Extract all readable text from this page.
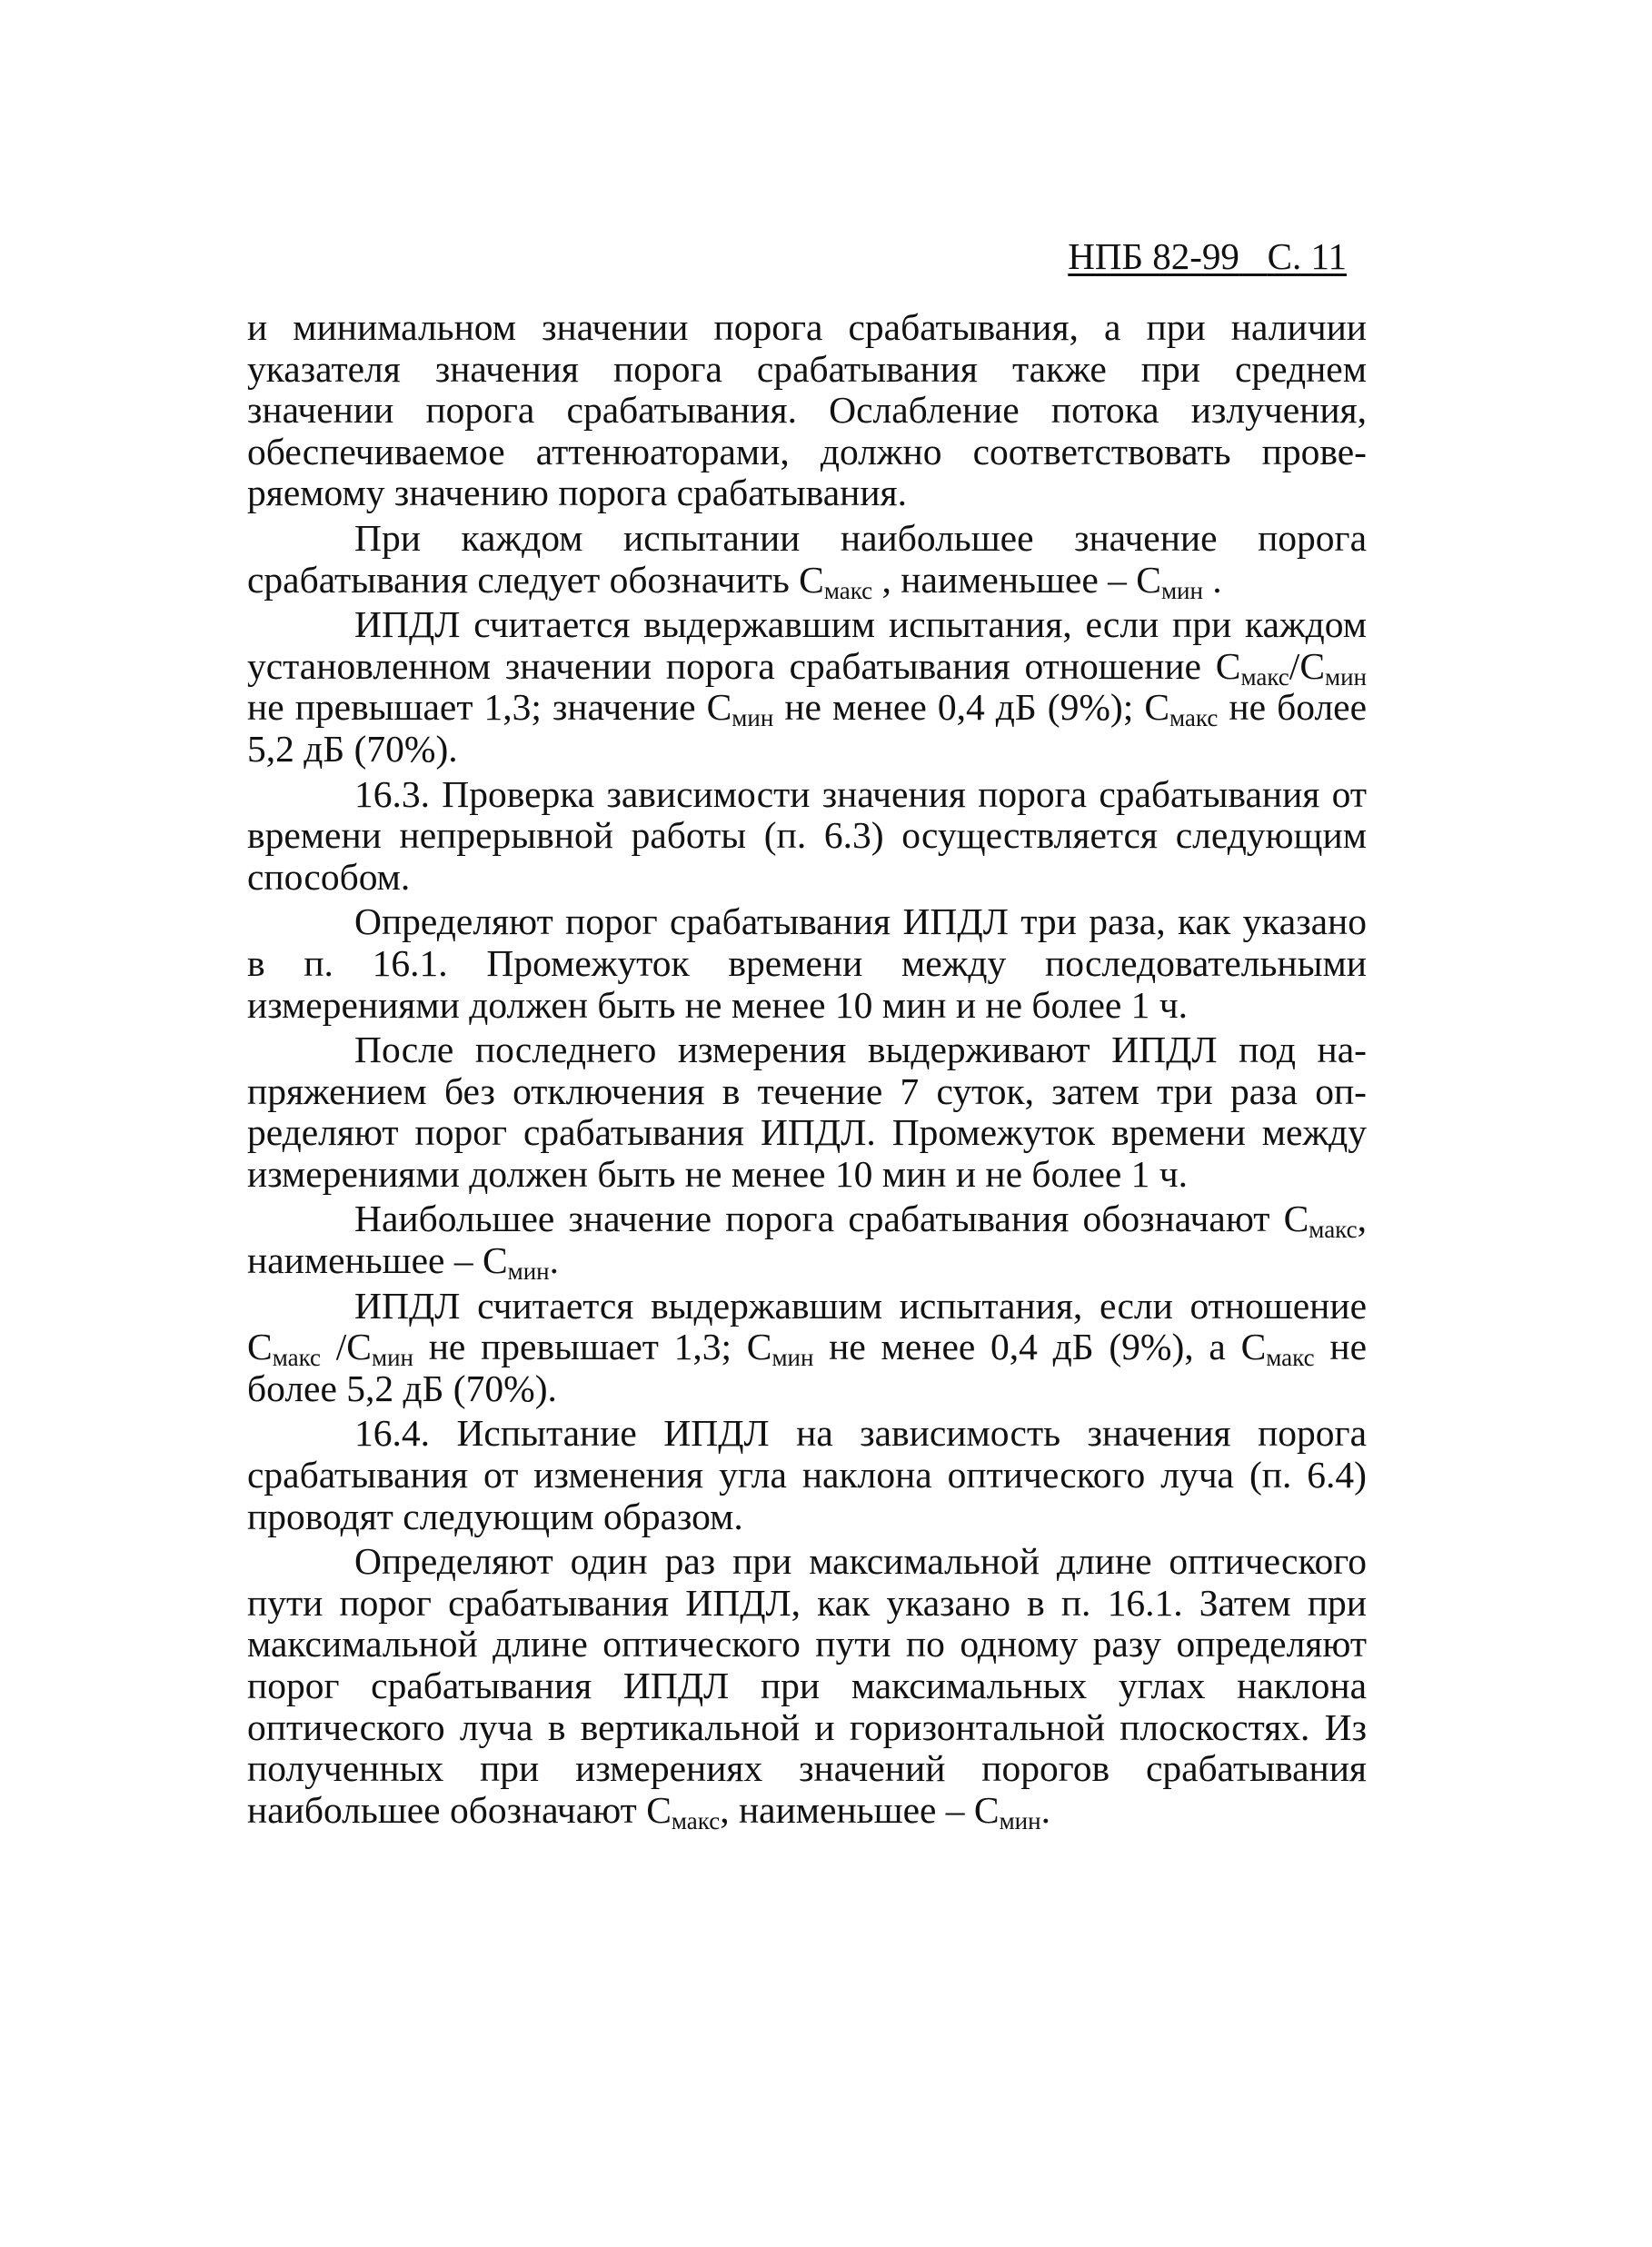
НПБ 82-99 С. 11

и минимальном значении порога срабатывания, а при наличии указателя значения порога срабатывания также при среднем значении порога срабатывания. Ослабление потока излучения, обеспечиваемое аттенюаторами, должно соответствовать проверяемому значению порога срабатывания.

При каждом испытании наибольшее значение порога срабатывания следует обозначить $С_{макс}$ , наименьшее – $С_{мин}$ .

ИПДЛ считается выдержавшим испытания, если при каждом установленном значении порога срабатывания отношение $С_{макс}/С_{мин}$ не превышает 1,3; значение $С_{мин}$ не менее 0,4 дБ (9%); $С_{макс}$ не более 5,2 дБ (70%).

16.3. Проверка зависимости значения порога срабатывания от времени непрерывной работы (п. 6.3) осуществляется следующим способом.

Определяют порог срабатывания ИПДЛ три раза, как указано в п. 16.1. Промежуток времени между последовательными измерениями должен быть не менее 10 мин и не более 1 ч.

После последнего измерения выдерживают ИПДЛ под напряжением без отключения в течение 7 суток, затем три раза определяют порог срабатывания ИПДЛ. Промежуток времени между измерениями должен быть не менее 10 мин и не более 1 ч.

Наибольшее значение порога срабатывания обозначают $С_{макс}$, наименьшее – $С_{мин}$.

ИПДЛ считается выдержавшим испытания, если отношение $С_{макс}$ $/С_{мин}$ не превышает 1,3; $С_{мин}$ не менее 0,4 дБ (9%), а $С_{макс}$ не более 5,2 дБ (70%).

16.4. Испытание ИПДЛ на зависимость значения порога срабатывания от изменения угла наклона оптического луча (п. 6.4) проводят следующим образом.

Определяют один раз при максимальной длине оптического пути порог срабатывания ИПДЛ, как указано в п. 16.1. Затем при максимальной длине оптического пути по одному разу определяют порог срабатывания ИПДЛ при максимальных углах наклона оптического луча в вертикальной и горизонтальной плоскостях. Из полученных при измерениях значений порогов срабатывания наибольшее обозначают $С_{макс}$, наименьшее – $С_{мин}$.
